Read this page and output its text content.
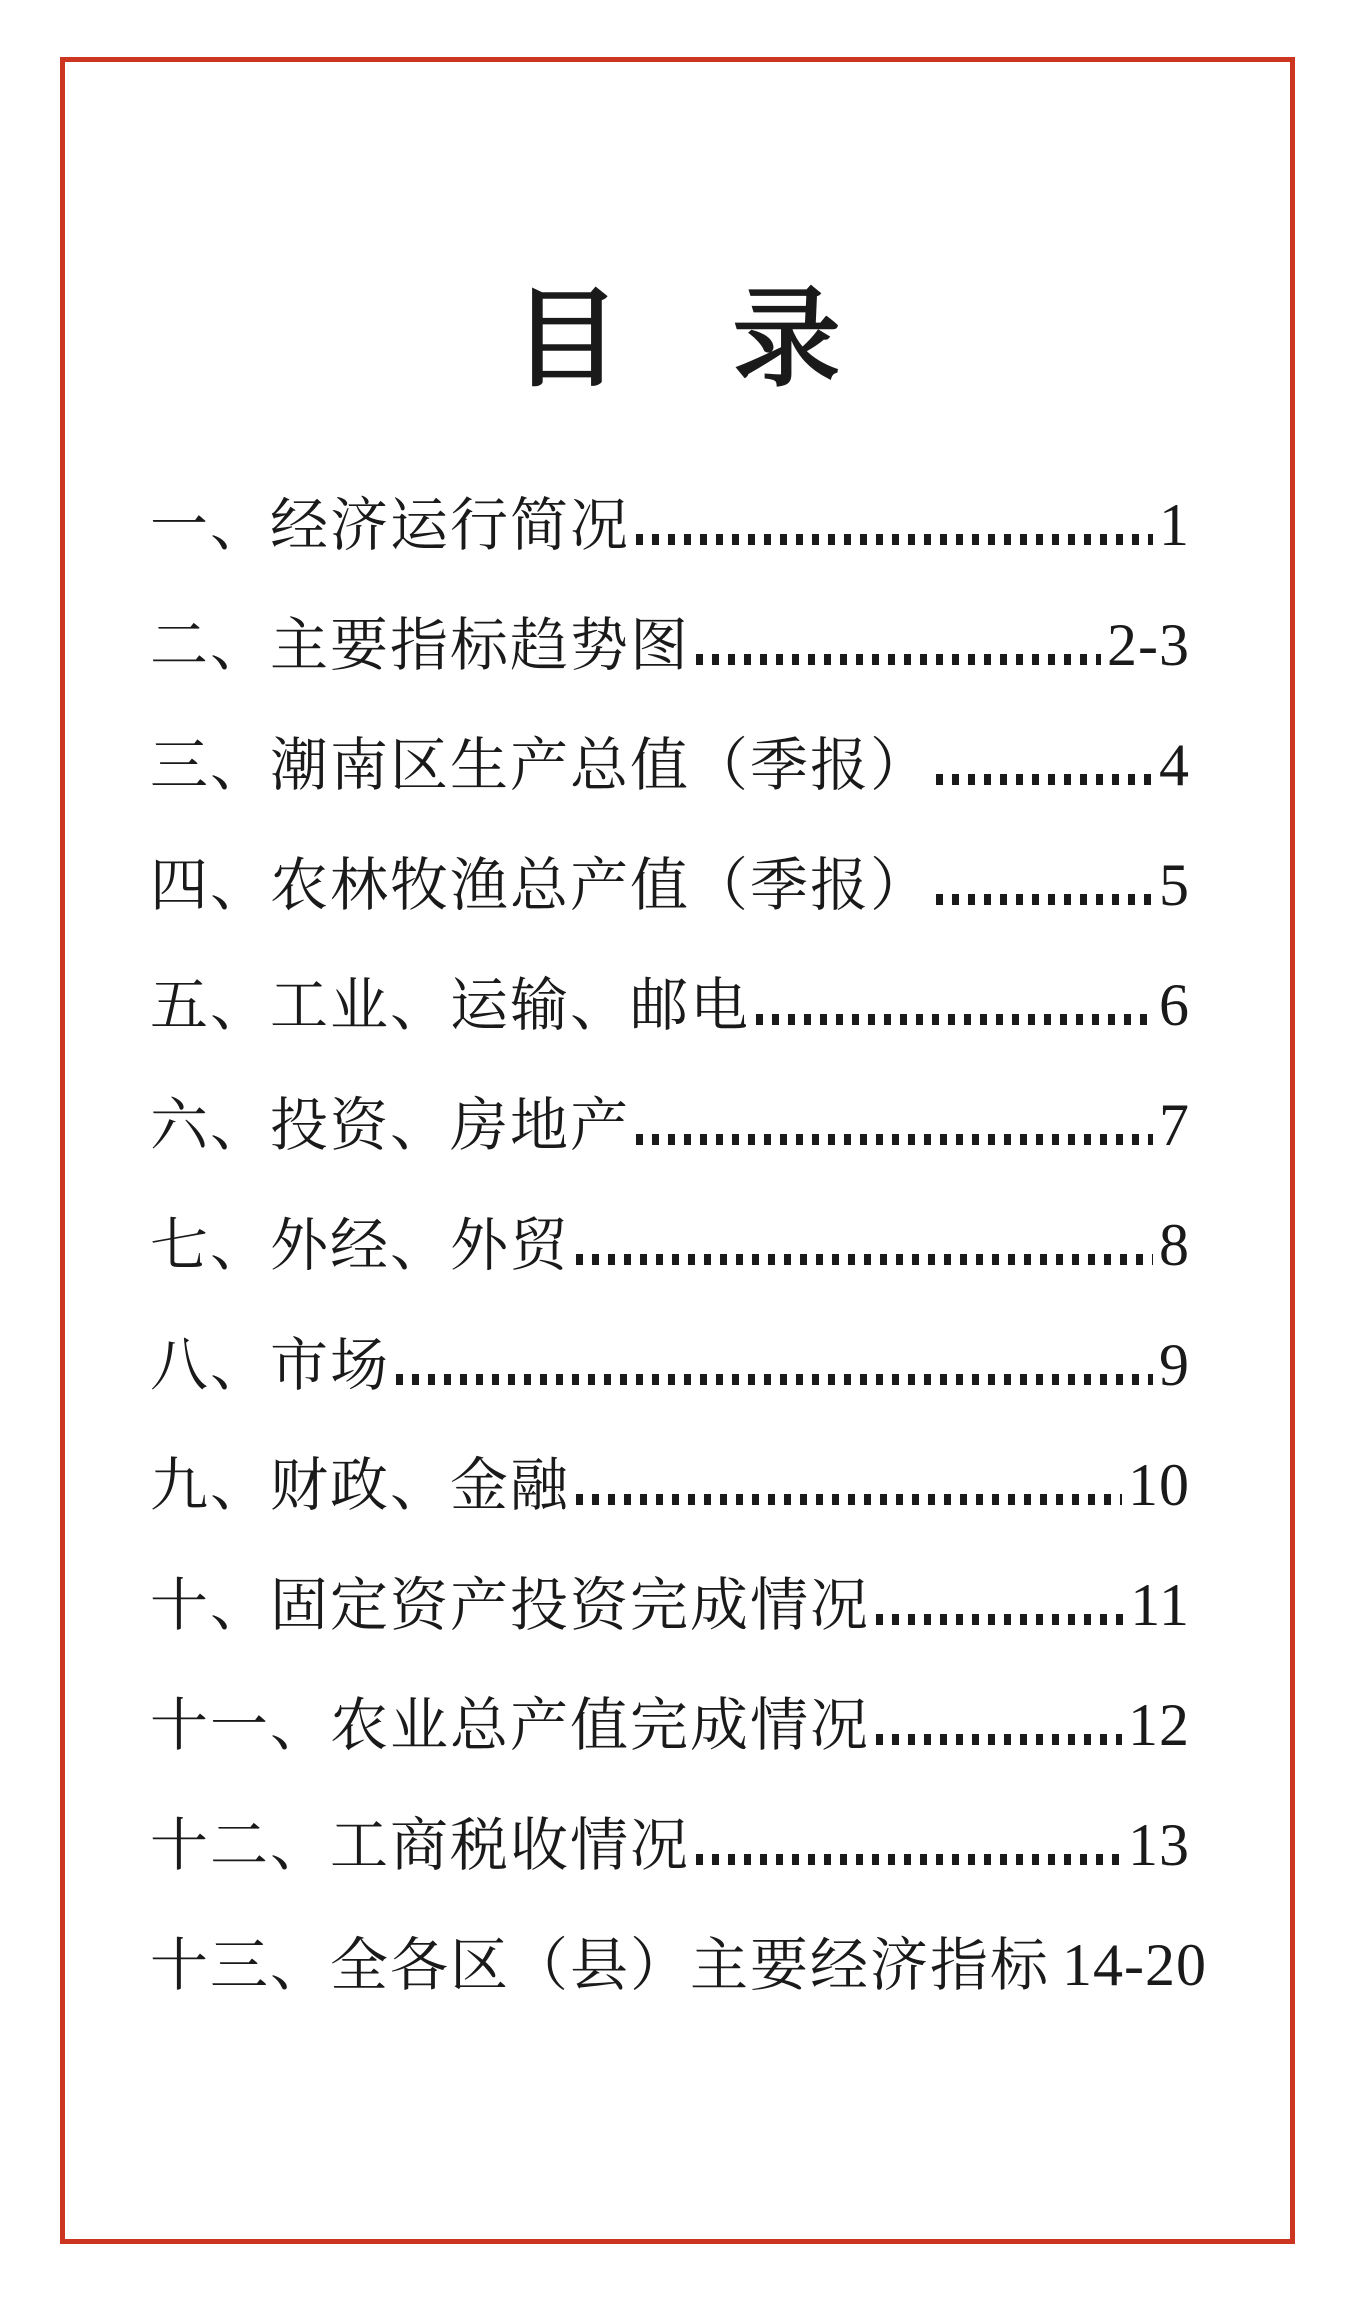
目　录
一、经济运行简况	1
二、主要指标趋势图	2-3
三、潮南区生产总值（季报）	4
四、农林牧渔总产值（季报）	5
五、工业、运输、邮电	6
六、投资、房地产	7
七、外经、外贸	8
八、市场	9
九、财政、金融	10
十、固定资产投资完成情况	11
十一、农业总产值完成情况	12
十二、工商税收情况	13
十三、全各区（县）主要经济指标 14-20
